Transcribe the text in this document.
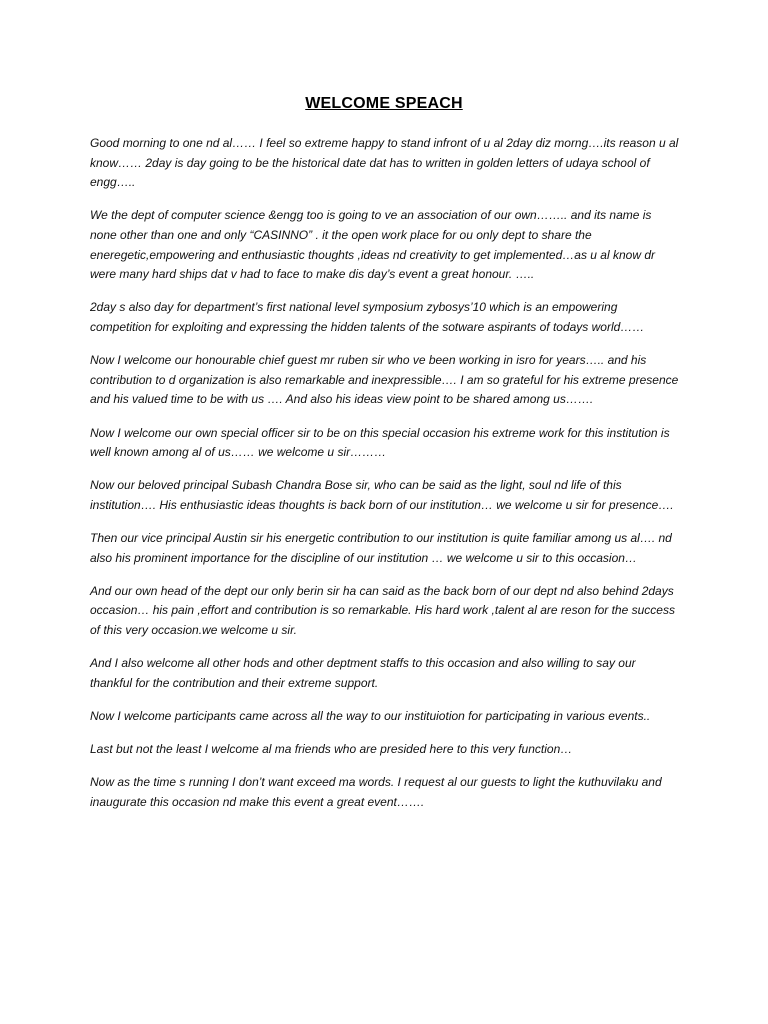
WELCOME SPEACH

Good morning to one nd al…… I feel so extreme happy to stand infront of u al 2day diz morng….its reason u al know…… 2day is day going to be the historical date dat has to written in golden letters of udaya school of engg…..

We the dept of computer science &engg too is going to ve an association of our own…….. and its name is none other than one and only “CASINNO” . it the open work place for ou only dept to share the eneregetic,empowering and enthusiastic thoughts ,ideas nd creativity to get implemented…as u al know dr were many hard ships dat v had to face to make dis day’s event a great honour. …..

2day s also day for department’s first national level symposium zybosys’10 which is an empowering competition for exploiting and expressing the hidden talents of the sotware aspirants of todays world……

Now I welcome our honourable chief guest mr ruben sir who ve been working in isro for years….. and his contribution to d organization is also remarkable and inexpressible…. I am so grateful for his extreme presence and his valued time to be with us …. And also his ideas view point to be shared among us…….

Now I welcome our own special officer sir to be on this special occasion his extreme work for this institution is well known among al of us…… we welcome u sir………

Now our beloved principal Subash Chandra Bose sir, who can be said as the light, soul nd life of this institution…. His enthusiastic ideas thoughts is back born of our institution… we welcome u sir for presence….

Then our vice principal Austin sir his energetic contribution to our institution is quite familiar among us al…. nd also his prominent importance for the discipline of our institution … we welcome u sir to this occasion…

And our own head of the dept our only berin sir ha can said as the back born of our dept nd also behind 2days occasion… his pain ,effort and contribution is so remarkable. His hard work ,talent al are reson for the success of this very occasion.we welcome u sir.

And I also welcome all other hods and other deptment staffs to this occasion and also willing to say our thankful for the contribution and their extreme support.

Now I welcome participants came across all the way to our instituiotion for participating in various events..

Last but not the least I welcome al ma friends who are presided here to this very function…

Now as the time s running I don’t want exceed ma words. I request al our guests to light the kuthuvilaku and inaugurate this occasion nd make this event a great event…….
